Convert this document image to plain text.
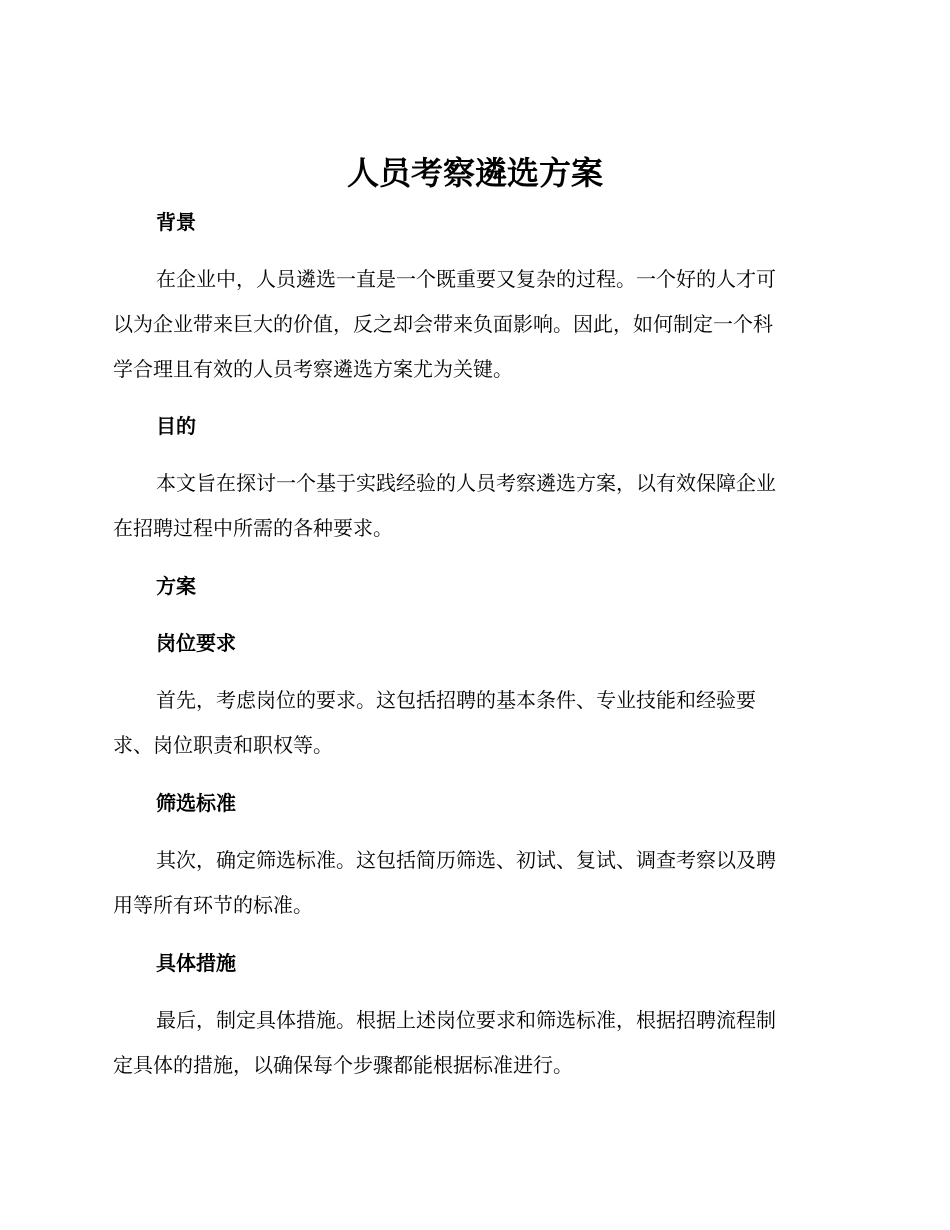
人员考察遴选方案
背景
在企业中，人员遴选一直是一个既重要又复杂的过程。一个好的人才可
以为企业带来巨大的价值，反之却会带来负面影响。因此，如何制定一个科
学合理且有效的人员考察遴选方案尤为关键。
目的
本文旨在探讨一个基于实践经验的人员考察遴选方案，以有效保障企业
在招聘过程中所需的各种要求。
方案
岗位要求
首先，考虑岗位的要求。这包括招聘的基本条件、专业技能和经验要
求、岗位职责和职权等。
筛选标准
其次，确定筛选标准。这包括简历筛选、初试、复试、调查考察以及聘
用等所有环节的标准。
具体措施
最后，制定具体措施。根据上述岗位要求和筛选标准，根据招聘流程制
定具体的措施，以确保每个步骤都能根据标准进行。
